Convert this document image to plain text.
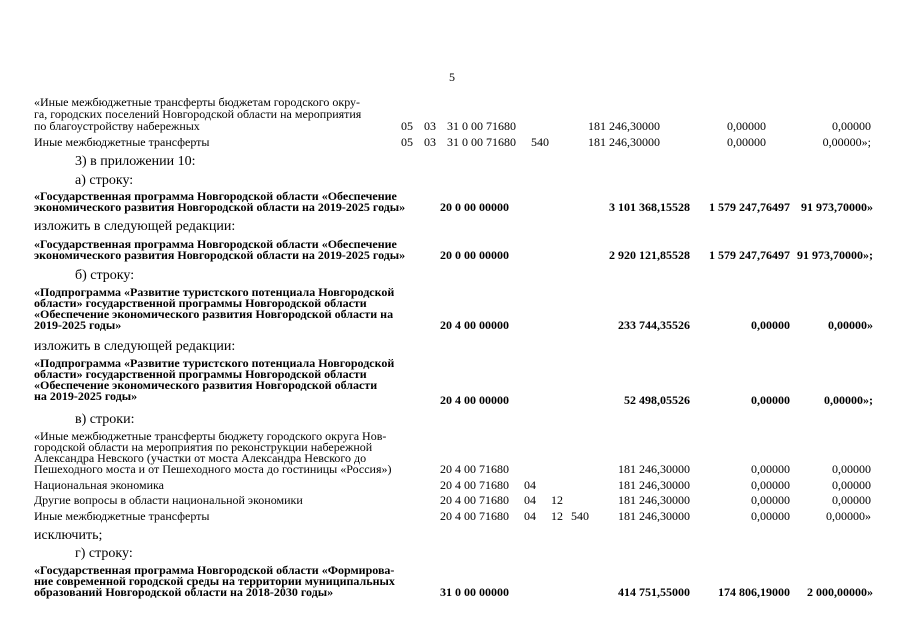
5
«Иные межбюджетные трансферты бюджетам городского окру-
га, городских поселений Новгородской области на мероприятия
по благоустройству набережных	05 03 31 0 00 71680	181 246,30000	0,00000	0,00000
Иные межбюджетные трансферты	05 03 31 0 00 71680 540	181 246,30000	0,00000	0,00000»;
3) в приложении 10:
а) строку:
«Государственная программа Новгородской области «Обеспечение
экономического развития Новгородской области на 2019-2025 годы»	20 0 00 00000	3 101 368,15528	1 579 247,76497 91 973,70000»
изложить в следующей редакции:
«Государственная программа Новгородской области «Обеспечение
экономического развития Новгородской области на 2019-2025 годы»	20 0 00 00000	2 920 121,85528	1 579 247,76497 91 973,70000»;
б) строку:
«Подпрограмма «Развитие туристского потенциала Новгородской
области» государственной программы Новгородской области
«Обеспечение экономического развития Новгородской области на
2019-2025 годы»	20 4 00 00000	233 744,35526	0,00000	0,00000»
изложить в следующей редакции:
«Подпрограмма «Развитие туристского потенциала Новгородской
области» государственной программы Новгородской области
«Обеспечение экономического развития Новгородской области
на 2019-2025 годы»	20 4 00 00000	52 498,05526	0,00000	0,00000»;
в) строки:
«Иные межбюджетные трансферты бюджету городского округа Нов-
городской области на мероприятия по реконструкции набережной
Александра Невского (участки от моста Александра Невского до
Пешеходного моста и от Пешеходного моста до гостиницы «Россия»)	20 4 00 71680	181 246,30000	0,00000	0,00000
Национальная экономика	20 4 00 71680 04	181 246,30000	0,00000	0,00000
Другие вопросы в области национальной экономики	20 4 00 71680 04 12	181 246,30000	0,00000	0,00000
Иные межбюджетные трансферты	20 4 00 71680 04 12 540	181 246,30000	0,00000	0,00000»
исключить;
г) строку:
«Государственная программа Новгородской области «Формирова-
ние современной городской среды на территории муниципальных
образований Новгородской области на 2018-2030 годы»	31 0 00 00000	414 751,55000	174 806,19000	2 000,00000»
